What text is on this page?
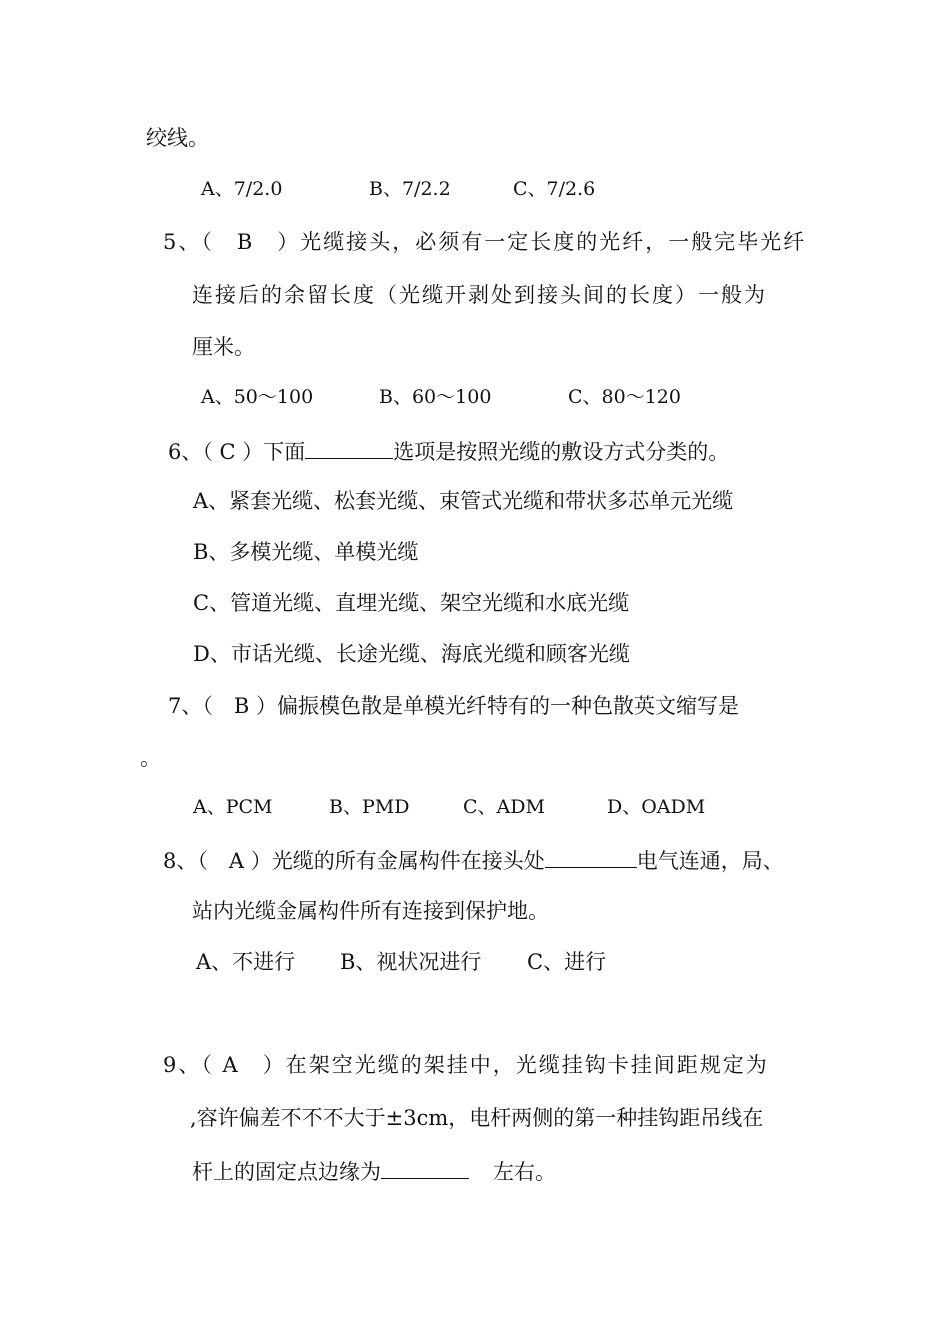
绞线。
A、7/2.0	B、7/2.2	C、7/2.6
5、（　B　）光缆接头，必须有一定长度的光纤，一般完毕光纤
连接后的余留长度（光缆开剥处到接头间的长度）一般为
厘米。
A、50～100	B、60～100	C、80～120
6、（ C ）下面	选项是按照光缆的敷设方式分类的。
A、紧套光缆、松套光缆、束管式光缆和带状多芯单元光缆
B、多模光缆、单模光缆
C、管道光缆、直埋光缆、架空光缆和水底光缆
D、市话光缆、长途光缆、海底光缆和顾客光缆
7、（　B ）偏振模色散是单模光纤特有的一种色散英文缩写是
。
A、PCM	B、PMD	C、ADM	D、OADM
8、（　A ）光缆的所有金属构件在接头处	电气连通，局、
站内光缆金属构件所有连接到保护地。
A、不进行 B、视状况进行 C、进行
9、（ A　）在架空光缆的架挂中，光缆挂钩卡挂间距规定为
,容许偏差不不不大于±3cm，电杆两侧的第一种挂钩距吊线在
杆上的固定点边缘为	左右。
